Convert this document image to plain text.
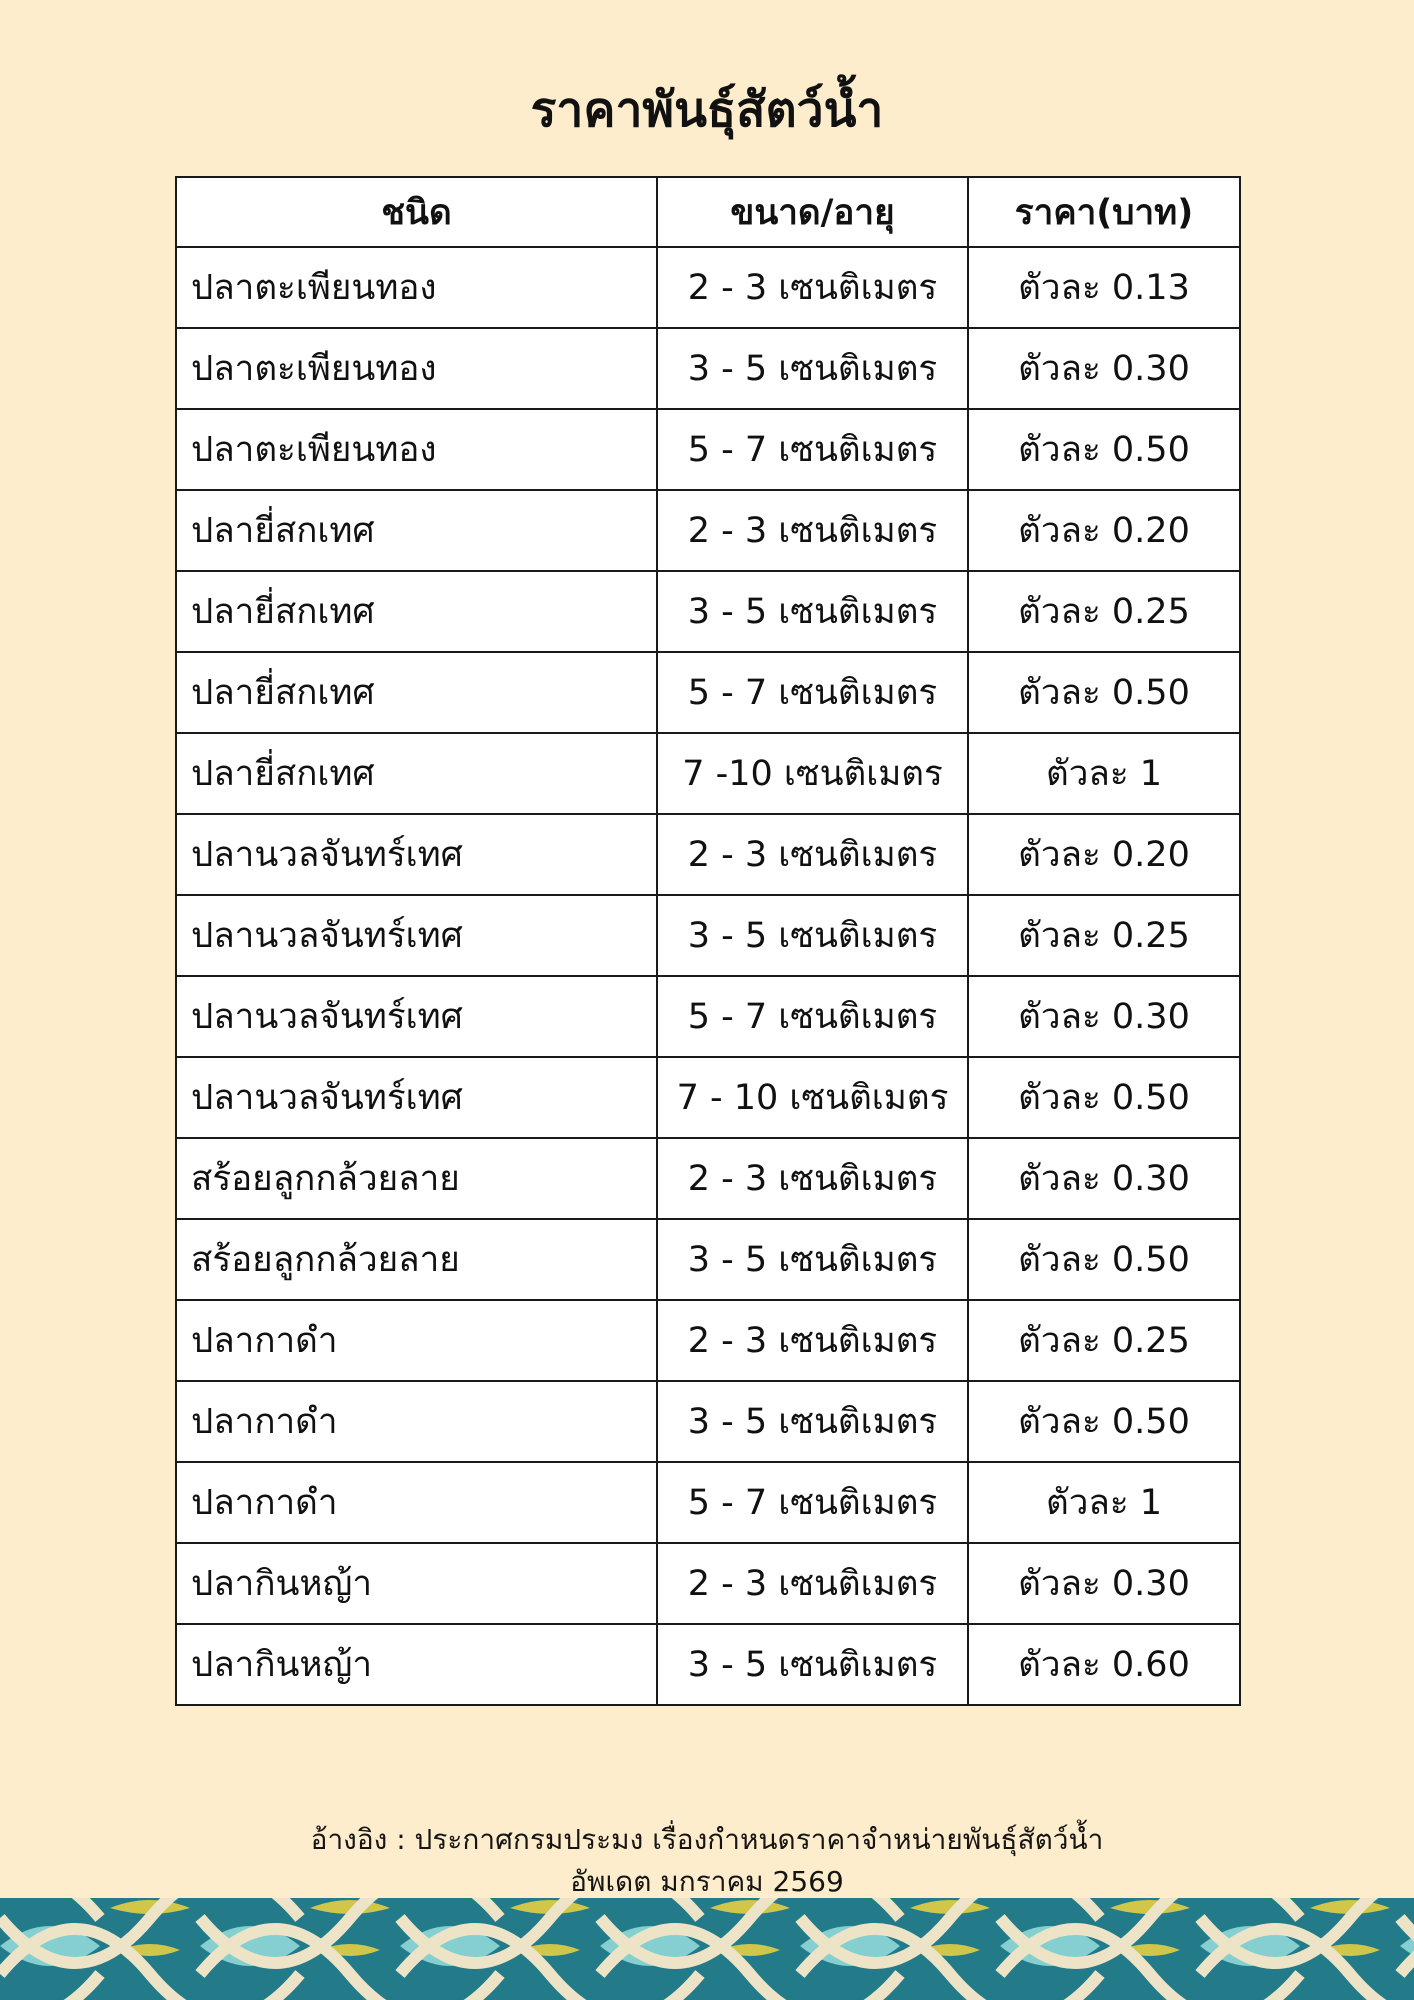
ราคาพันธุ์สัตว์น้ำ
ชนิด	ขนาด/อายุ	ราคา(บาท)
ปลาตะเพียนทอง	2 - 3 เซนติเมตร	ตัวละ 0.13
ปลาตะเพียนทอง	3 - 5 เซนติเมตร	ตัวละ 0.30
ปลาตะเพียนทอง	5 - 7 เซนติเมตร	ตัวละ 0.50
ปลายี่สกเทศ	2 - 3 เซนติเมตร	ตัวละ 0.20
ปลายี่สกเทศ	3 - 5 เซนติเมตร	ตัวละ 0.25
ปลายี่สกเทศ	5 - 7 เซนติเมตร	ตัวละ 0.50
ปลายี่สกเทศ	7 -10 เซนติเมตร	ตัวละ 1
ปลานวลจันทร์เทศ	2 - 3 เซนติเมตร	ตัวละ 0.20
ปลานวลจันทร์เทศ	3 - 5 เซนติเมตร	ตัวละ 0.25
ปลานวลจันทร์เทศ	5 - 7 เซนติเมตร	ตัวละ 0.30
ปลานวลจันทร์เทศ	7 - 10 เซนติเมตร	ตัวละ 0.50
สร้อยลูกกล้วยลาย	2 - 3 เซนติเมตร	ตัวละ 0.30
สร้อยลูกกล้วยลาย	3 - 5 เซนติเมตร	ตัวละ 0.50
ปลากาดำ	2 - 3 เซนติเมตร	ตัวละ 0.25
ปลากาดำ	3 - 5 เซนติเมตร	ตัวละ 0.50
ปลากาดำ	5 - 7 เซนติเมตร	ตัวละ 1
ปลากินหญ้า	2 - 3 เซนติเมตร	ตัวละ 0.30
ปลากินหญ้า	3 - 5 เซนติเมตร	ตัวละ 0.60
อ้างอิง : ประกาศกรมประมง เรื่องกำหนดราคาจำหน่ายพันธุ์สัตว์น้ำ
อัพเดต มกราคม 2569
